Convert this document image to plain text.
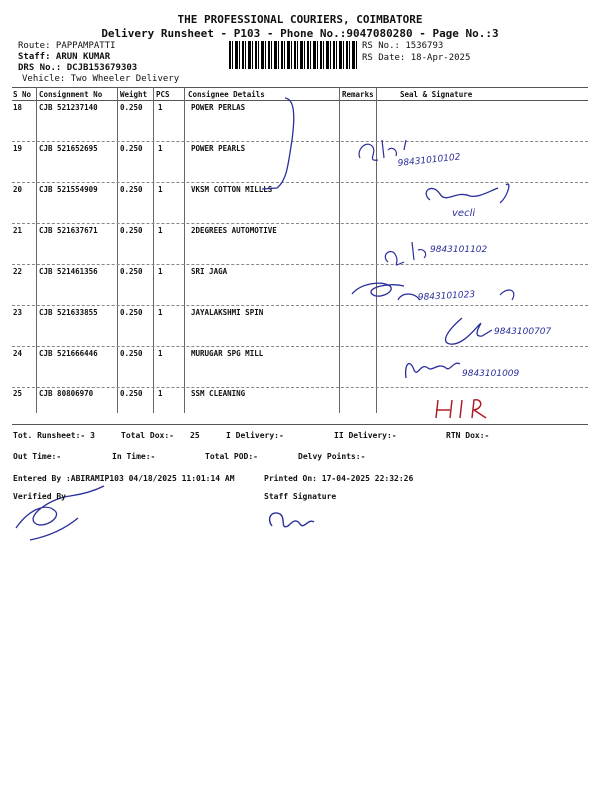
THE PROFESSIONAL COURIERS, COIMBATORE
Delivery Runsheet - P103 - Phone No.:9047080280 - Page No.:3
Route: PAPPAMPATTI
Staff: ARUN KUMAR
DRS No.: DCJB153679303
Vehicle: Two Wheeler Delivery
RS No.: 1536793
RS Date: 18-Apr-2025
S No Consignment No Weight PCS Consignee Details	Remarks	Seal & Signature
18 CJB 521237140	0.250 1	POWER PERLAS
19 CJB 521652695	0.250 1	POWER PEARLS
20 CJB 521554909	0.250 1	VKSM COTTON MILLLS
21 CJB 521637671	0.250 1	2DEGREES AUTOMOTIVE
22 CJB 521461356	0.250 1	SRI JAGA
23 CJB 521633855	0.250 1	JAYALAKSHMI SPIN
24 CJB 521666446	0.250 1	MURUGAR SPG MILL
25 CJB 80806970	0.250 1	SSM CLEANING
98431010102
vecli
9843101102
9843101023
9843100707
9843101009
Tot. Runsheet:- 3	Total Dox:- 25	I Delivery:-	II Delivery:-	RTN Dox:-
Out Time:-	In Time:-	Total POD:-	Delvy Points:-
Entered By :ABIRAMIP103 04/18/2025 11:01:14 AM	Printed On: 17-04-2025 22:32:26
Verified By	Staff Signature
